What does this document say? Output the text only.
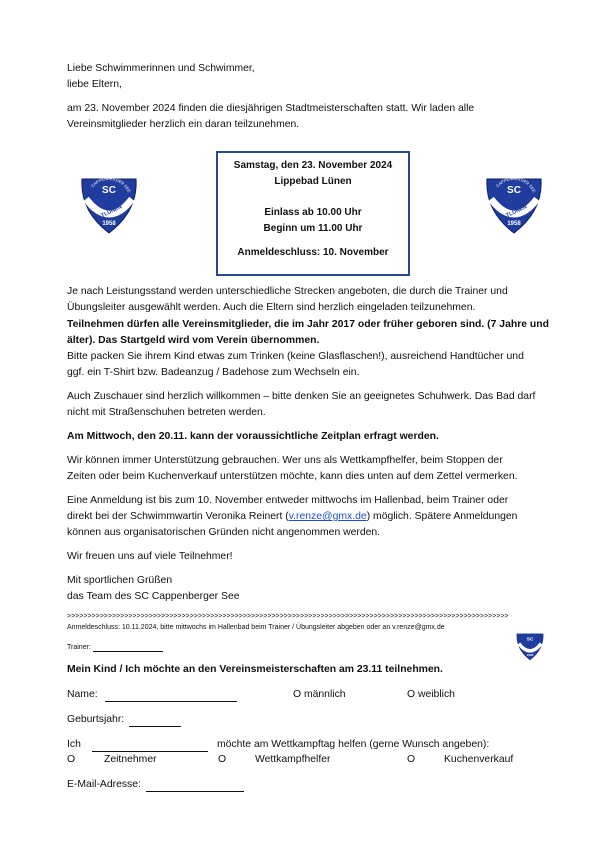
Liebe Schwimmerinnen und Schwimmer,
liebe Eltern,
am 23. November 2024 finden die diesjährigen Stadtmeisterschaften statt. Wir laden alle
Vereinsmitglieder herzlich ein daran teilzunehmen.
SC
CAPPENBERGER SEE
ALTLÜNEN
1958
Samstag, den 23. November 2024
Lippebad Lünen
Einlass ab 10.00 Uhr
Beginn um 11.00 Uhr
Anmeldeschluss: 10. November
SC
CAPPENBERGER SEE
ALTLÜNEN
1958
Je nach Leistungsstand werden unterschiedliche Strecken angeboten, die durch die Trainer und
Übungsleiter ausgewählt werden. Auch die Eltern sind herzlich eingeladen teilzunehmen.
Teilnehmen dürfen alle Vereinsmitglieder, die im Jahr 2017 oder früher geboren sind. (7 Jahre und
älter). Das Startgeld wird vom Verein übernommen.
Bitte packen Sie ihrem Kind etwas zum Trinken (keine Glasflaschen!), ausreichend Handtücher und
ggf. ein T-Shirt bzw. Badeanzug / Badehose zum Wechseln ein.
Auch Zuschauer sind herzlich willkommen – bitte denken Sie an geeignetes Schuhwerk. Das Bad darf
nicht mit Straßenschuhen betreten werden.
Am Mittwoch, den 20.11. kann der voraussichtliche Zeitplan erfragt werden.
Wir können immer Unterstützung gebrauchen. Wer uns als Wettkampfhelfer, beim Stoppen der
Zeiten oder beim Kuchenverkauf unterstützen möchte, kann dies unten auf dem Zettel vermerken.
Eine Anmeldung ist bis zum 10. November entweder mittwochs im Hallenbad, beim Trainer oder
direkt bei der Schwimmwartin Veronika Reinert (v.renze@gmx.de) möglich. Spätere Anmeldungen
können aus organisatorischen Gründen nicht angenommen werden.
Wir freuen uns auf viele Teilnehmer!
Mit sportlichen Grüßen
das Team des SC Cappenberger See
>>>>>>>>>>>>>>>>>>>>>>>>>>>>>>>>>>>>>>>>>>>>>>>>>>>>>>>>>>>>>>>>>>>>>>>>>>>>>>>>>>>>>>>>>>>>>>>>>>>>>>>>>>>>
Anmeldeschluss: 10.11.2024, bitte mittwochs im Hallenbad beim Trainer / Übungsleiter abgeben oder an v.renze@gmx.de
Trainer:
SC
1958
Mein Kind / Ich möchte an den Vereinsmeisterschaften am 23.11 teilnehmen.
Name:	O männlich	O weiblich
Geburtsjahr:
Ich	möchte am Wettkampftag helfen (gerne Wunsch angeben):
O	Zeitnehmer	O	Wettkampfhelfer	O	Kuchenverkauf
E-Mail-Adresse:
